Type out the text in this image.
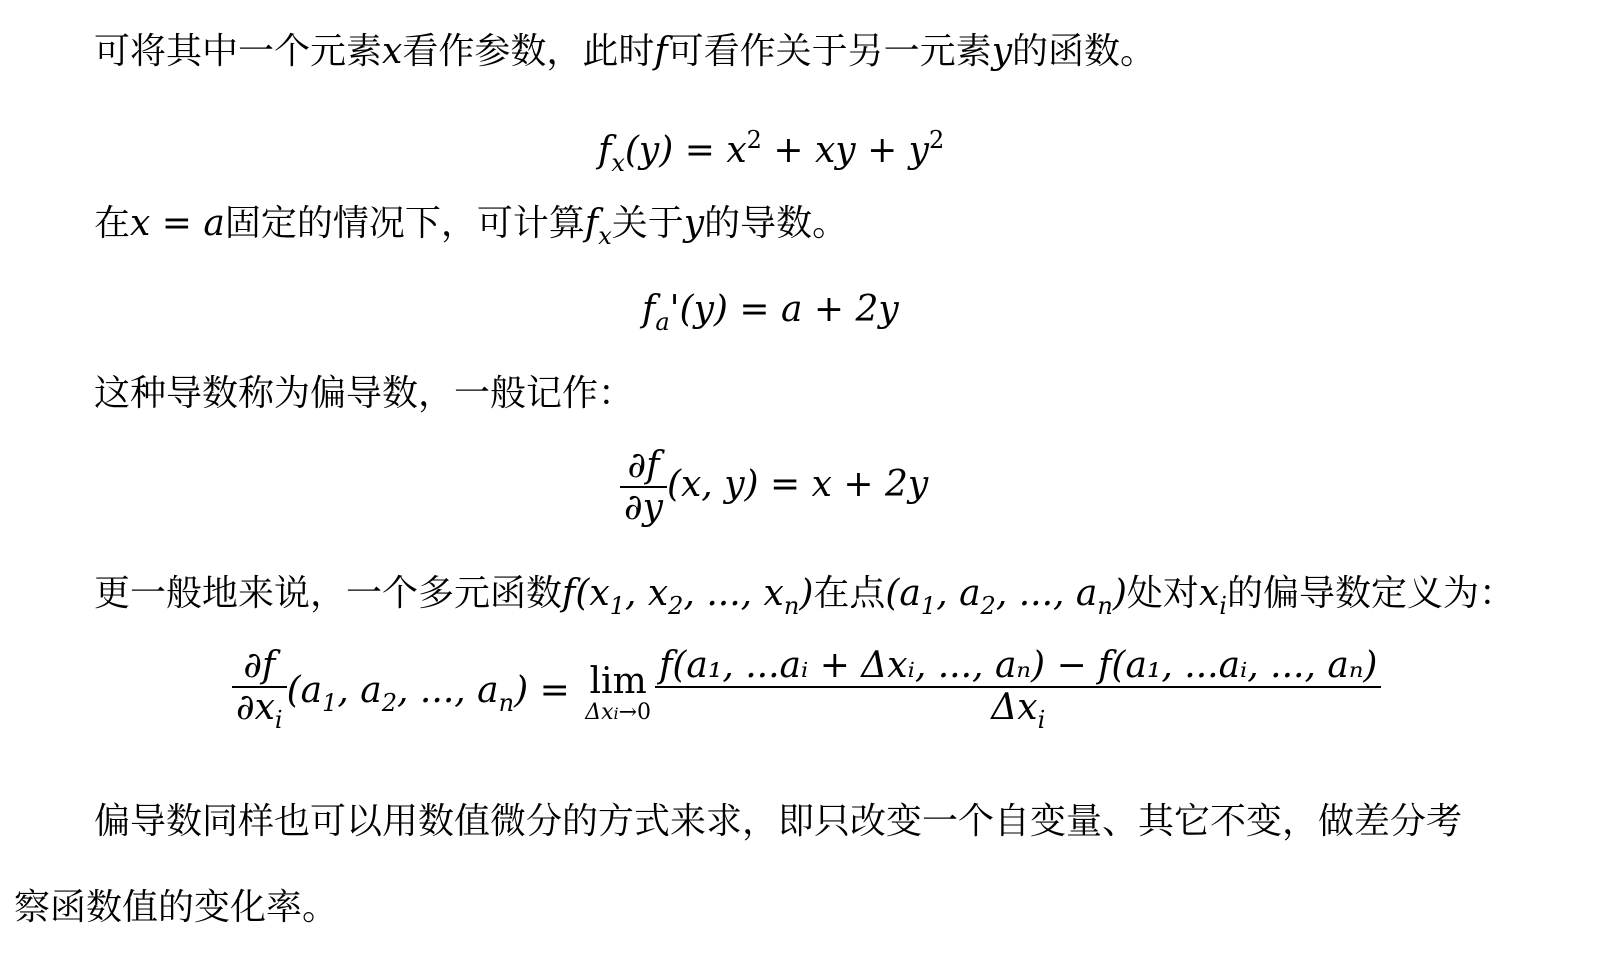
可将其中一个元素x看作参数，此时f可看作关于另一元素y的函数。
$f_x(y) = x^2$ + xy + $y^2$
在x = a固定的情况下，可计算$f_x$关于y的导数。
$f_a'(y) = a + 2y$
这种导数称为偏导数，一般记作：
$\frac{\partial f}{\partial y} (x$, y) = x + 2y
更一般地来说，一个多元函数$f(x_1$, $x_2$, ..., $x_n$)在点($a_1$, $a_2$, ..., $a_n$)处对$x_i$的偏导数定义为：
$\frac{\partial f}{\partial x_i} (a_1$, $a_2$, ..., $a_n) = \lim$
$\Delta xi\to 0 \frac{\text{f(a₁, ...aᵢ + Δxᵢ, ..., aₙ) − f(a₁, ...aᵢ, ..., aₙ)}}{\Delta x_i}$
偏导数同样也可以用数值微分的方式来求，即只改变一个自变量、其它不变，做差分考
察函数值的变化率。
